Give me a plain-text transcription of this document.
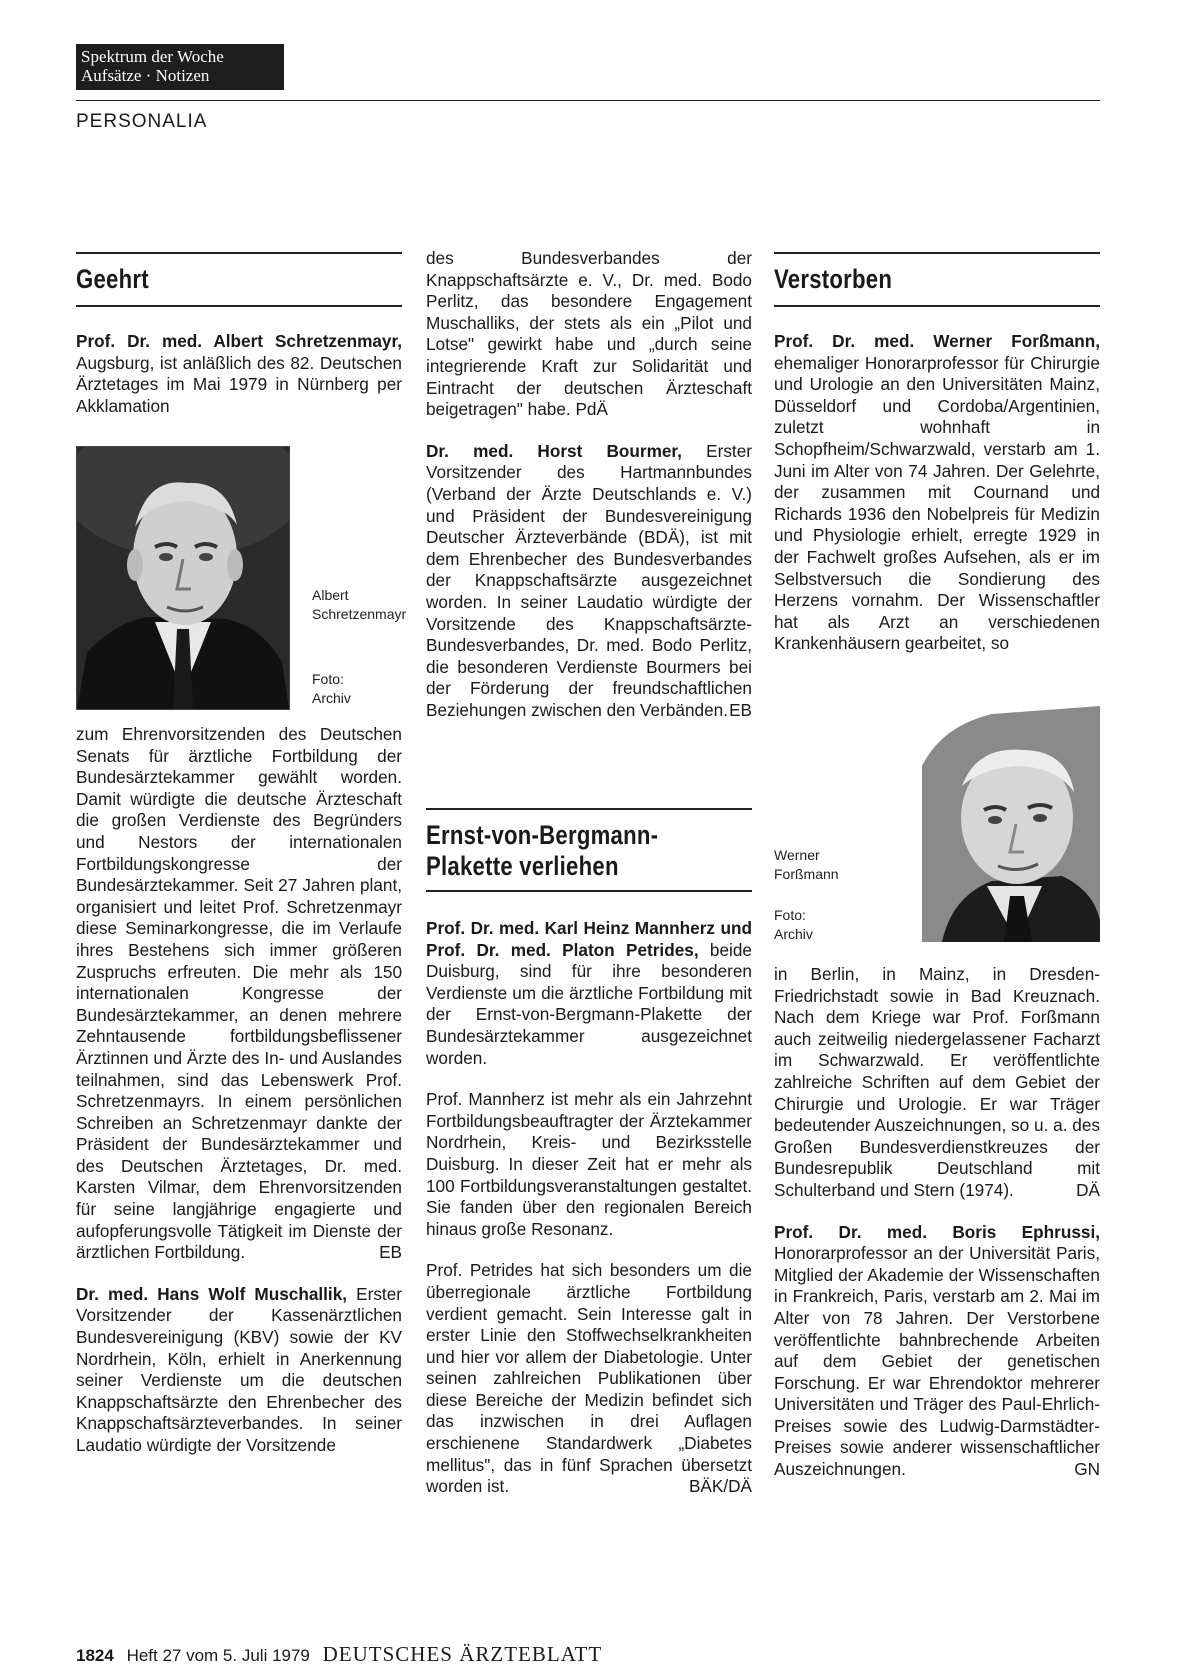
Spektrum der Woche
Aufsätze · Notizen
PERSONALIA
Geehrt

Prof. Dr. med. Albert Schretzenmayr, Augsburg, ist anläßlich des 82. Deutschen Ärztetages im Mai 1979 in Nürnberg per Akklamation

Albert Schretzenmayr
Foto: Archiv

zum Ehrenvorsitzenden des Deutschen Senats für ärztliche Fortbildung der Bundesärztekammer gewählt worden. Damit würdigte die deutsche Ärzteschaft die großen Verdienste des Begründers und Nestors der internationalen Fortbildungskongresse der Bundesärztekammer. Seit 27 Jahren plant, organisiert und leitet Prof. Schretzenmayr diese Seminarkongresse, die im Verlaufe ihres Bestehens sich immer größeren Zuspruchs erfreuten. Die mehr als 150 internationalen Kongresse der Bundesärztekammer, an denen mehrere Zehntausende fortbildungsbeflissener Ärztinnen und Ärzte des In- und Auslandes teilnahmen, sind das Lebenswerk Prof. Schretzenmayrs. In einem persönlichen Schreiben an Schretzenmayr dankte der Präsident der Bundesärztekammer und des Deutschen Ärztetages, Dr. med. Karsten Vilmar, dem Ehrenvorsitzenden für seine langjährige engagierte und aufopferungsvolle Tätigkeit im Dienste der ärztlichen Fortbildung.	EB

Dr. med. Hans Wolf Muschallik, Erster Vorsitzender der Kassenärztlichen Bundesvereinigung (KBV) sowie der KV Nordrhein, Köln, erhielt in Anerkennung seiner Verdienste um die deutschen Knappschaftsärzte den Ehrenbecher des Knappschaftsärzteverbandes. In seiner Laudatio würdigte der Vorsitzende

des Bundesverbandes der Knappschaftsärzte e. V., Dr. med. Bodo Perlitz, das besondere Engagement Muschalliks, der stets als ein „Pilot und Lotse" gewirkt habe und „durch seine integrierende Kraft zur Solidarität und Eintracht der deutschen Ärzteschaft beigetragen" habe. PdÄ

Dr. med. Horst Bourmer, Erster Vorsitzender des Hartmannbundes (Verband der Ärzte Deutschlands e. V.) und Präsident der Bundesvereinigung Deutscher Ärzteverbände (BDÄ), ist mit dem Ehrenbecher des Bundesverbandes der Knappschaftsärzte ausgezeichnet worden. In seiner Laudatio würdigte der Vorsitzende des Knappschaftsärzte-Bundesverbandes, Dr. med. Bodo Perlitz, die besonderen Verdienste Bourmers bei der Förderung der freundschaftlichen Beziehungen zwischen den Verbänden. EB

Ernst-von-Bergmann-
Plakette verliehen

Prof. Dr. med. Karl Heinz Mannherz und Prof. Dr. med. Platon Petrides, beide Duisburg, sind für ihre besonderen Verdienste um die ärztliche Fortbildung mit der Ernst-von-Bergmann-Plakette der Bundesärztekammer ausgezeichnet worden.

Prof. Mannherz ist mehr als ein Jahrzehnt Fortbildungsbeauftragter der Ärztekammer Nordrhein, Kreis- und Bezirksstelle Duisburg. In dieser Zeit hat er mehr als 100 Fortbildungsveranstaltungen gestaltet. Sie fanden über den regionalen Bereich hinaus große Resonanz.

Prof. Petrides hat sich besonders um die überregionale ärztliche Fortbildung verdient gemacht. Sein Interesse galt in erster Linie den Stoffwechselkrankheiten und hier vor allem der Diabetologie. Unter seinen zahlreichen Publikationen über diese Bereiche der Medizin befindet sich das inzwischen in drei Auflagen erschienene Standardwerk „Diabetes mellitus", das in fünf Sprachen übersetzt worden ist.	BÄK/DÄ

Verstorben

Prof. Dr. med. Werner Forßmann, ehemaliger Honorarprofessor für Chirurgie und Urologie an den Universitäten Mainz, Düsseldorf und Cordoba/Argentinien, zuletzt wohnhaft in Schopfheim/Schwarzwald, verstarb am 1. Juni im Alter von 74 Jahren. Der Gelehrte, der zusammen mit Cournand und Richards 1936 den Nobelpreis für Medizin und Physiologie erhielt, erregte 1929 in der Fachwelt großes Aufsehen, als er im Selbstversuch die Sondierung des Herzens vornahm. Der Wissenschaftler hat als Arzt an verschiedenen Krankenhäusern gearbeitet, so

Werner Forßmann
Foto: Archiv

in Berlin, in Mainz, in Dresden-Friedrichstadt sowie in Bad Kreuznach. Nach dem Kriege war Prof. Forßmann auch zeitweilig niedergelassener Facharzt im Schwarzwald. Er veröffentlichte zahlreiche Schriften auf dem Gebiet der Chirurgie und Urologie. Er war Träger bedeutender Auszeichnungen, so u. a. des Großen Bundesverdienstkreuzes der Bundesrepublik Deutschland mit Schulterband und Stern (1974).	DÄ

Prof. Dr. med. Boris Ephrussi, Honorarprofessor an der Universität Paris, Mitglied der Akademie der Wissenschaften in Frankreich, Paris, verstarb am 2. Mai im Alter von 78 Jahren. Der Verstorbene veröffentlichte bahnbrechende Arbeiten auf dem Gebiet der genetischen Forschung. Er war Ehrendoktor mehrerer Universitäten und Träger des Paul-Ehrlich-Preises sowie des Ludwig-Darmstädter-Preises sowie anderer wissenschaftlicher Auszeichnungen.	GN

1824 Heft 27 vom 5. Juli 1979 DEUTSCHES ÄRZTEBLATT
